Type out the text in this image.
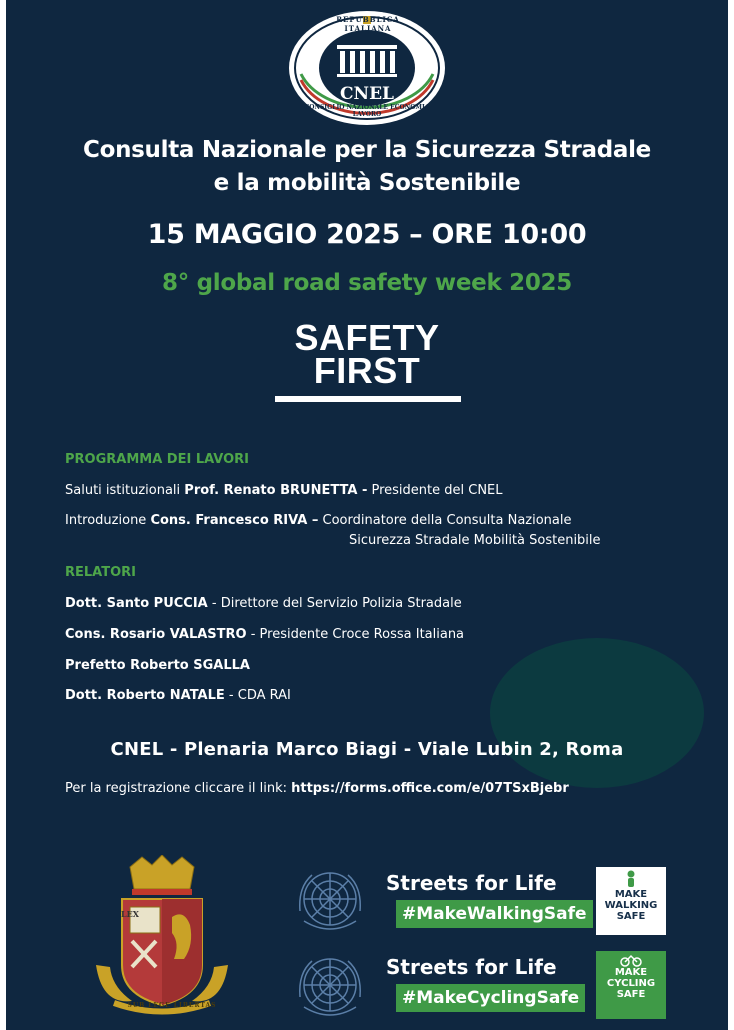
REPUBBLICA ITALIANA
CNEL
CONSIGLIO NAZIONALE ECONOMIA LAVORO
Consulta Nazionale per la Sicurezza Stradale
e la mobilità Sostenibile
15 MAGGIO 2025 – ORE 10:00
8° global road safety week 2025
SAFETY
FIRST
PROGRAMMA DEI LAVORI
Saluti istituzionali Prof. Renato BRUNETTA - Presidente del CNEL
Introduzione Cons. Francesco RIVA – Coordinatore della Consulta Nazionale
Sicurezza Stradale Mobilità Sostenibile
RELATORI
Dott. Santo PUCCIA - Direttore del Servizio Polizia Stradale
Cons. Rosario VALASTRO - Presidente Croce Rossa Italiana
Prefetto Roberto SGALLA
Dott. Roberto NATALE - CDA RAI
CNEL - Plenaria Marco Biagi - Viale Lubin 2, Roma
Per la registrazione cliccare il link: https://forms.office.com/e/07TSxBjebr
LEX
SUB LEGE LIBERTAS
Streets for Life
#MakeWalkingSafe
MAKE
WALKING
SAFE
Streets for Life
#MakeCyclingSafe
MAKE
CYCLING
SAFE
